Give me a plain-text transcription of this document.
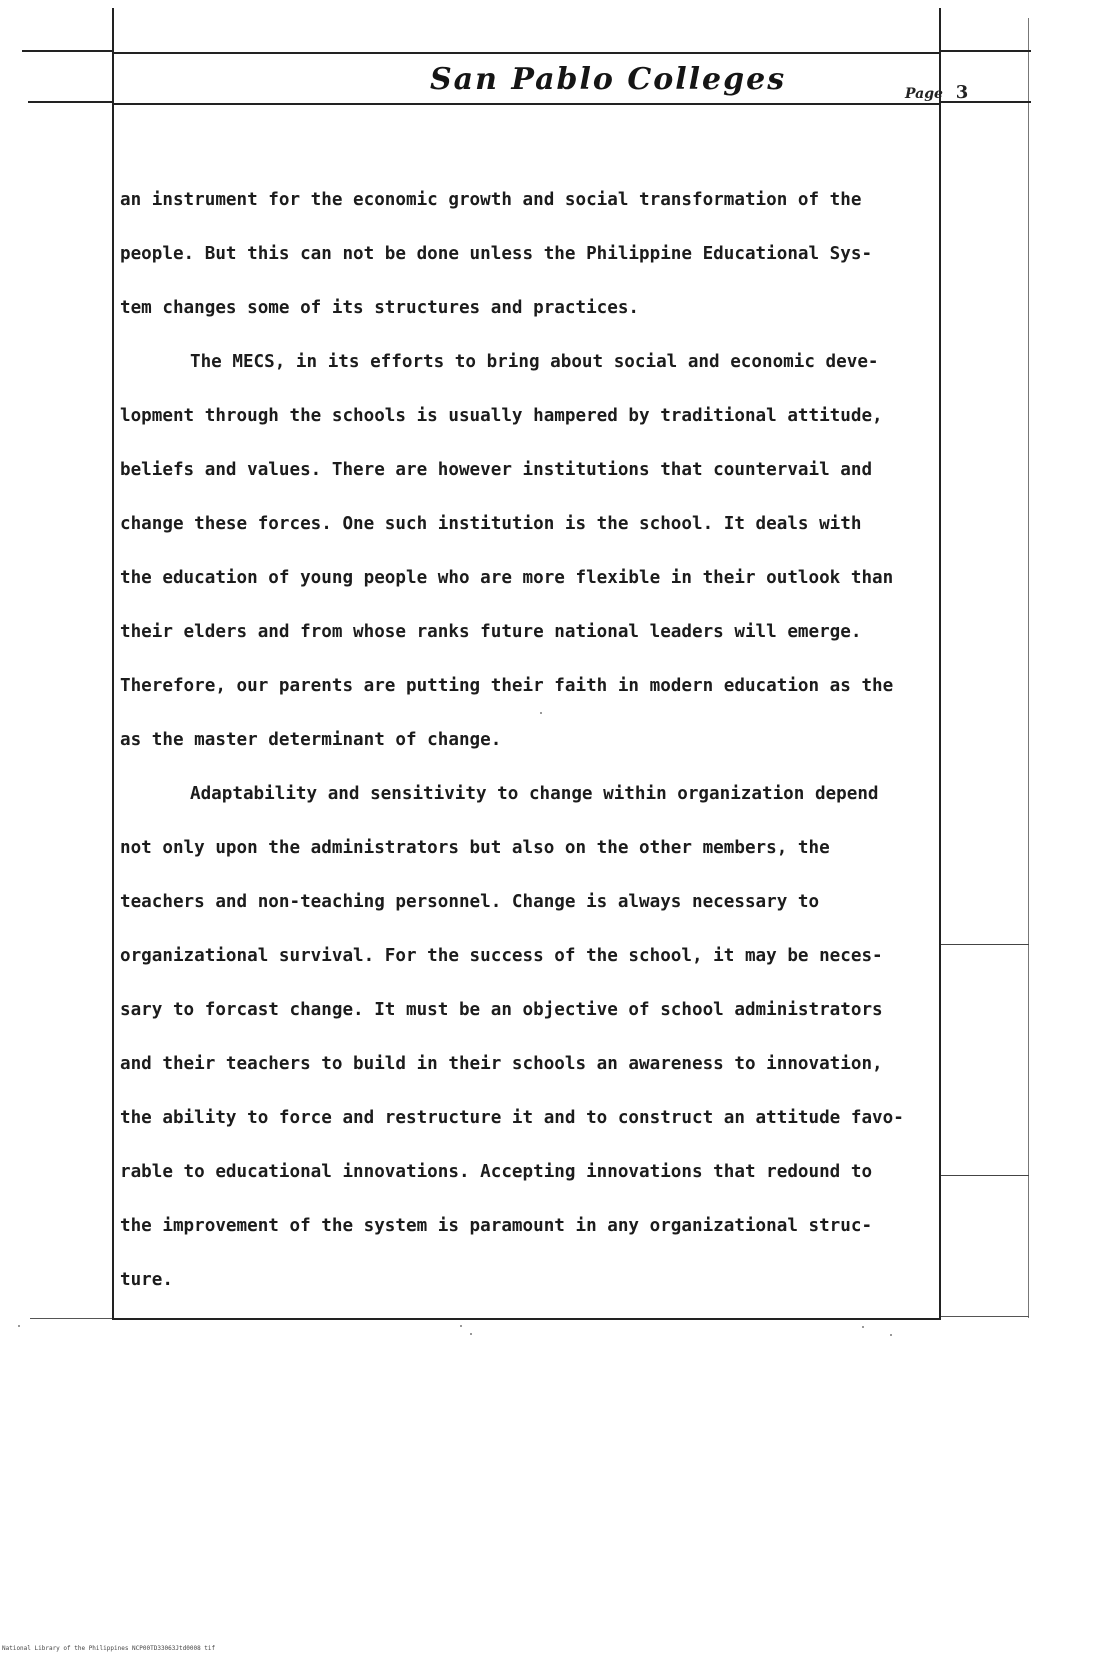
San Pablo Colleges	Page 3
an instrument for the economic growth and social transformation of the
people. But this can not be done unless the Philippine Educational Sys-
tem changes some of its structures and practices.
The MECS, in its efforts to bring about social and economic deve-
lopment through the schools is usually hampered by traditional attitude,
beliefs and values. There are however institutions that countervail and
change these forces. One such institution is the school. It deals with
the education of young people who are more flexible in their outlook than
their elders and from whose ranks future national leaders will emerge.
Therefore, our parents are putting their faith in modern education as the
as the master determinant of change.
Adaptability and sensitivity to change within organization depend
not only upon the administrators but also on the other members, the
teachers and non-teaching personnel. Change is always necessary to
organizational survival. For the success of the school, it may be neces-
sary to forcast change. It must be an objective of school administrators
and their teachers to build in their schools an awareness to innovation,
the ability to force and restructure it and to construct an attitude favo-
rable to educational innovations. Accepting innovations that redound to
the improvement of the system is paramount in any organizational struc-
ture.
National Library of the Philippines NCP00TD33063Jtd0008 tif
